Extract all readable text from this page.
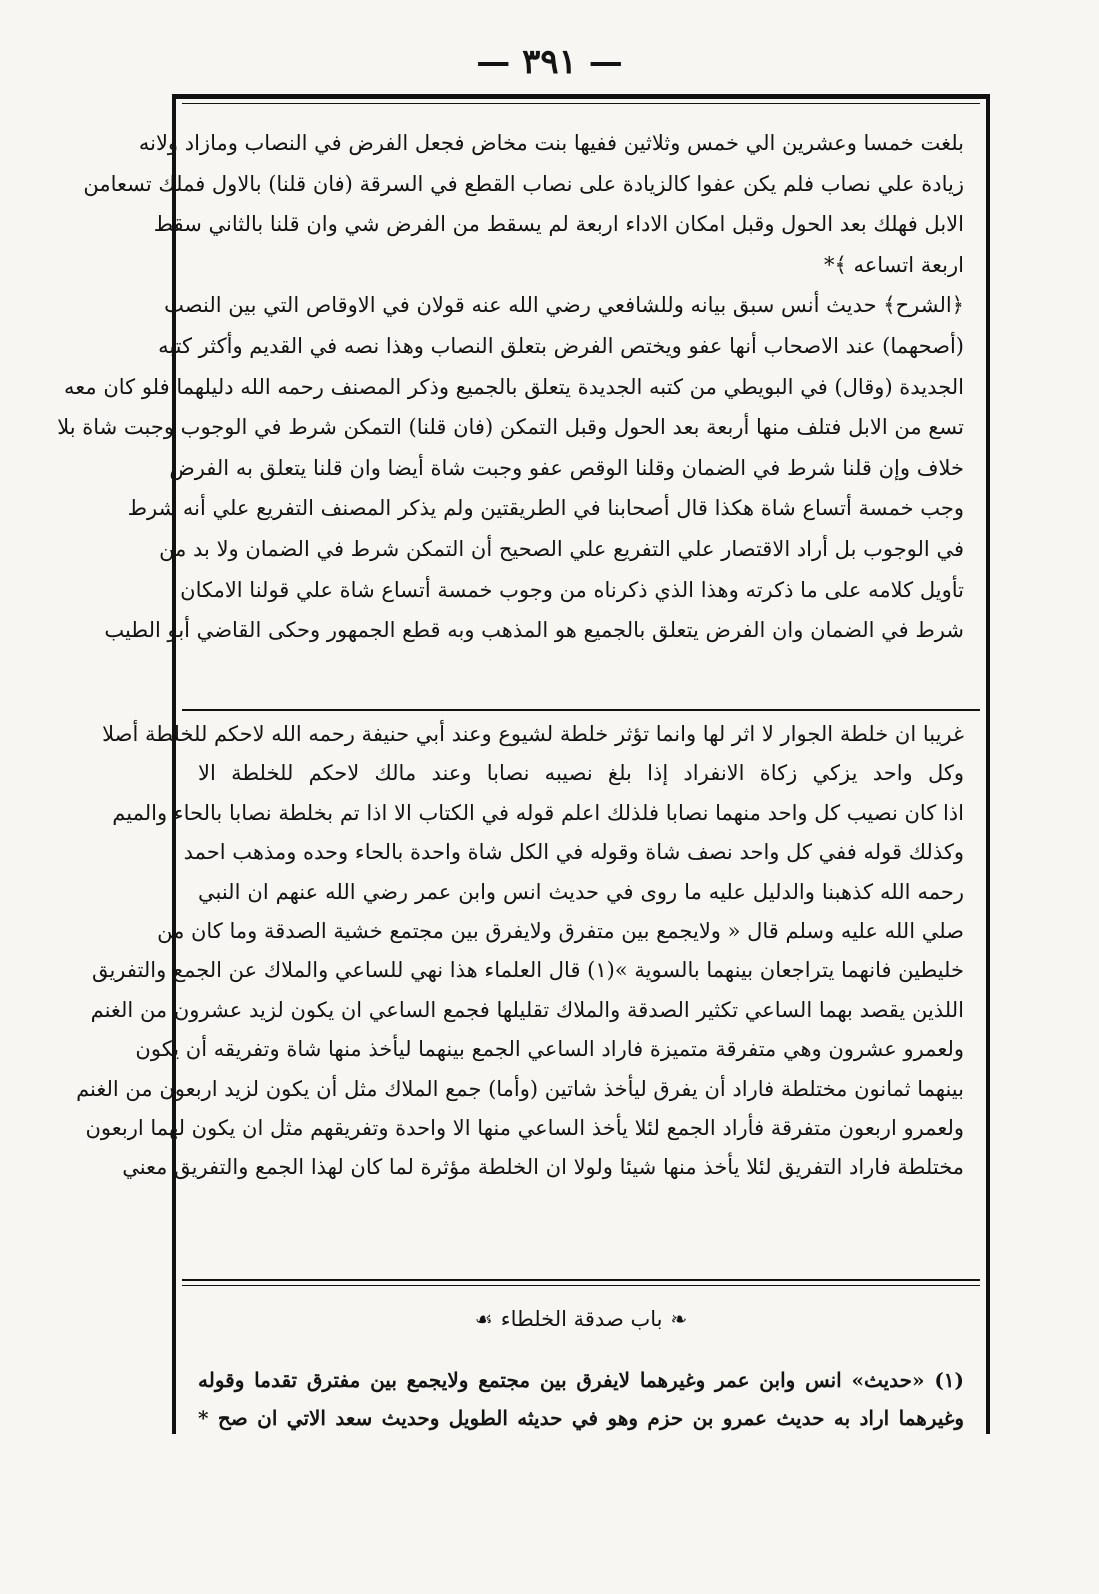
— ٣٩١ —
بلغت خمسا وعشرين الي خمس وثلاثين ففيها بنت مخاض فجعل الفرض في النصاب ومازاد ولانه
زيادة علي نصاب فلم يكن عفوا كالزيادة على نصاب القطع في السرقة (فان قلنا) بالاول فملك تسعامن
الابل فهلك بعد الحول وقبل امكان الاداء اربعة لم يسقط من الفرض شي وان قلنا بالثاني سقط
اربعة اتساعه ﴾*
﴿الشرح﴾ حديث أنس سبق بيانه وللشافعي رضي الله عنه قولان في الاوقاص التي بين النصب
(أصحهما) عند الاصحاب أنها عفو ويختص الفرض بتعلق النصاب وهذا نصه في القديم وأكثر كتبه
الجديدة (وقال) في البويطي من كتبه الجديدة يتعلق بالجميع وذكر المصنف رحمه الله دليلهما فلو كان معه
تسع من الابل فتلف منها أربعة بعد الحول وقبل التمكن (فان قلنا) التمكن شرط في الوجوب وجبت شاة بلا
خلاف وإن قلنا شرط في الضمان وقلنا الوقص عفو وجبت شاة أيضا وان قلنا يتعلق به الفرض
وجب خمسة أتساع شاة هكذا قال أصحابنا في الطريقتين ولم يذكر المصنف التفريع علي أنه شرط
في الوجوب بل أراد الاقتصار علي التفريع علي الصحيح أن التمكن شرط في الضمان ولا بد من
تأويل كلامه على ما ذكرته وهذا الذي ذكرناه من وجوب خمسة أتساع شاة علي قولنا الامكان
شرط في الضمان وان الفرض يتعلق بالجميع هو المذهب وبه قطع الجمهور وحكى القاضي أبو الطيب
غريبا ان خلطة الجوار لا اثر لها وانما تؤثر خلطة لشيوع وعند أبي حنيفة رحمه الله لاحكم للخلطة أصلا
وكل واحد يزكي زكاة الانفراد إذا بلغ نصيبه نصابا وعند مالك لاحكم للخلطة الا
اذا كان نصيب كل واحد منهما نصابا فلذلك اعلم قوله في الكتاب الا اذا تم بخلطة نصابا بالحاء والميم
وكذلك قوله ففي كل واحد نصف شاة وقوله في الكل شاة واحدة بالحاء وحده ومذهب احمد
رحمه الله كذهبنا والدليل عليه ما روى في حديث انس وابن عمر رضي الله عنهم ان النبي
صلي الله عليه وسلم قال « ولايجمع بين متفرق ولايفرق بين مجتمع خشية الصدقة وما كان من
خليطين فانهما يتراجعان بينهما بالسوية »(١) قال العلماء هذا نهي للساعي والملاك عن الجمع والتفريق
اللذين يقصد بهما الساعي تكثير الصدقة والملاك تقليلها فجمع الساعي ان يكون لزيد عشرون من الغنم
ولعمرو عشرون وهي متفرقة متميزة فاراد الساعي الجمع بينهما ليأخذ منها شاة وتفريقه أن يكون
بينهما ثمانون مختلطة فاراد أن يفرق ليأخذ شاتين (وأما) جمع الملاك مثل أن يكون لزيد اربعون من الغنم
ولعمرو اربعون متفرقة فأراد الجمع لئلا يأخذ الساعي منها الا واحدة وتفريقهم مثل ان يكون لهما اربعون
مختلطة فاراد التفريق لئلا يأخذ منها شيئا ولولا ان الخلطة مؤثرة لما كان لهذا الجمع والتفريق معني
❧باب صدقة الخلطاء☙
(١) «حديث» انس وابن عمر وغيرهما لايفرق بين مجتمع ولايجمع بين مفترق تقدما وقوله
وغيرهما اراد به حديث عمرو بن حزم وهو في حديثه الطويل وحديث سعد الاتي ان صح *
